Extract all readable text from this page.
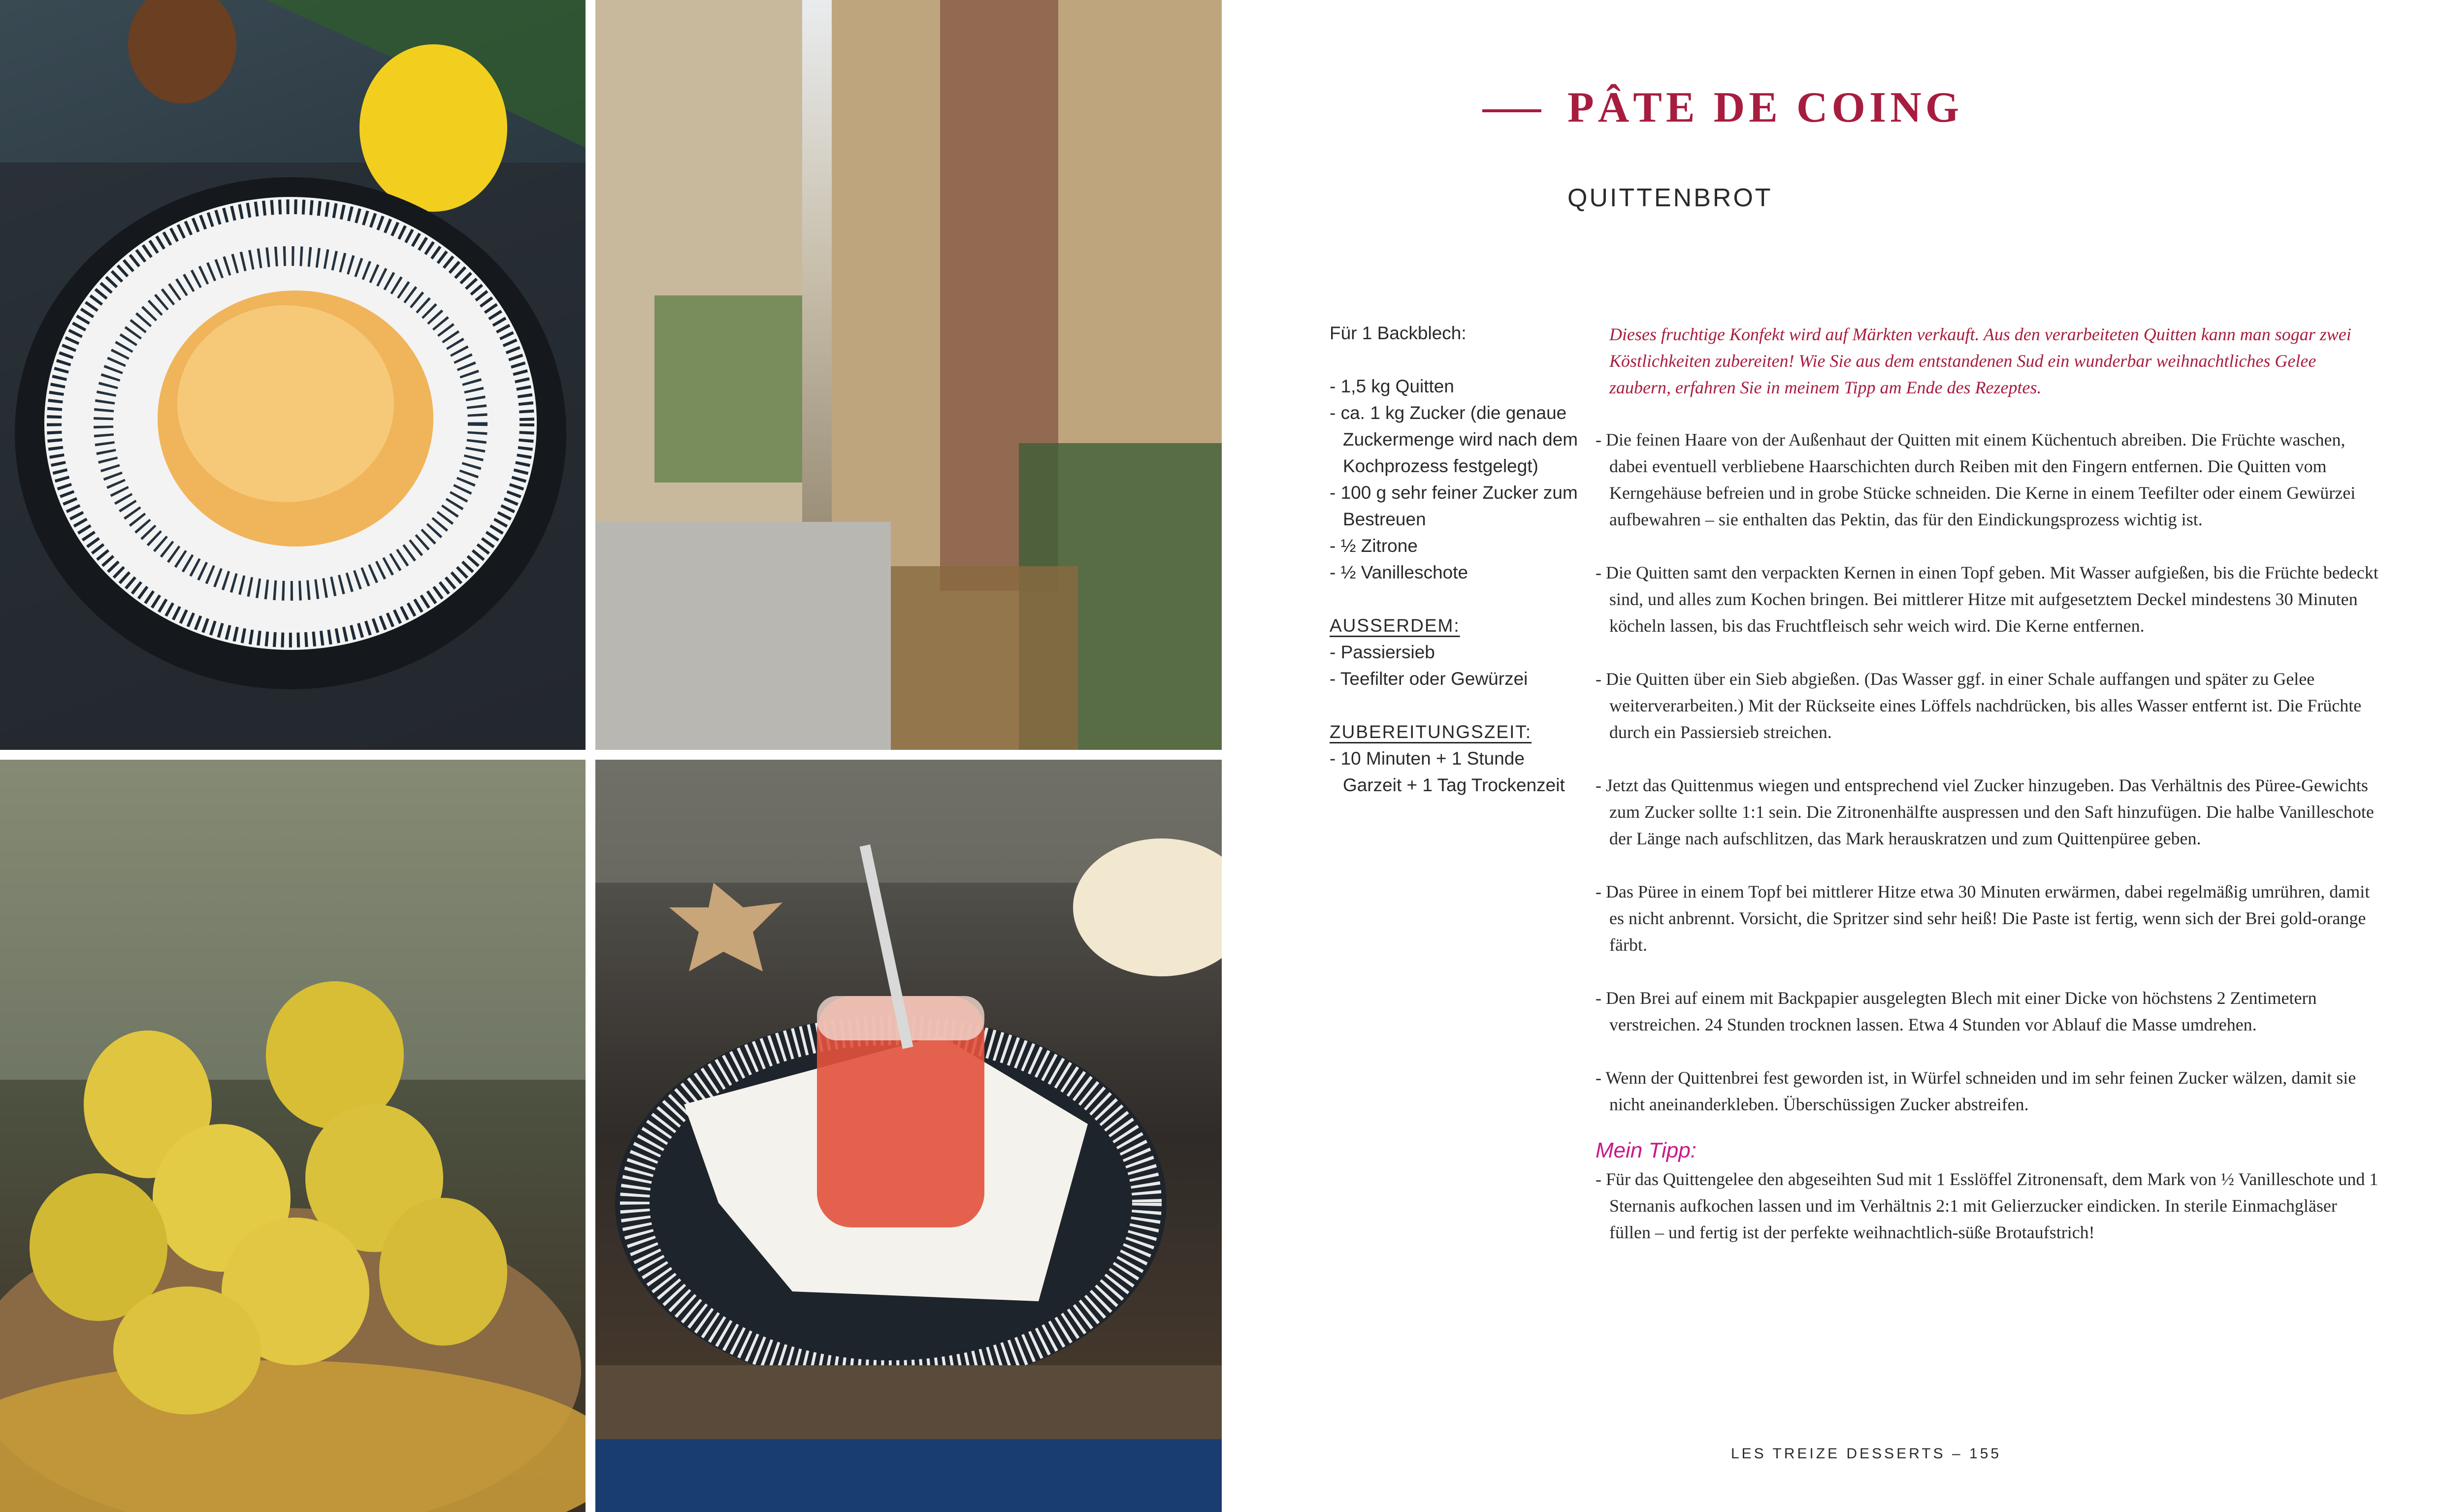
PÂTE DE COING
QUITTENBROT

Für 1 Backblech:

- 1,5 kg Quitten

- ca. 1 kg Zucker (die genaue Zuckermenge wird nach dem Kochprozess festgelegt)

- 100 g sehr feiner Zucker zum Bestreuen

- ½ Zitrone

- ½ Vanilleschote

AUSSERDEM:

- Passiersieb

- Teefilter oder Gewürzei

ZUBEREITUNGSZEIT:

- 10 Minuten + 1 Stunde Garzeit + 1 Tag Trockenzeit

Dieses fruchtige Konfekt wird auf Märkten verkauft. Aus den verarbeiteten Quitten kann man sogar zwei Köstlichkeiten zubereiten! Wie Sie aus dem entstandenen Sud ein wunderbar weihnachtliches Gelee zaubern, erfahren Sie in meinem Tipp am Ende des Rezeptes.

- Die feinen Haare von der Außenhaut der Quitten mit einem Küchentuch abreiben. Die Früchte waschen, dabei eventuell verbliebene Haarschichten durch Reiben mit den Fingern entfernen. Die Quitten vom Kerngehäuse befreien und in grobe Stücke schneiden. Die Kerne in einem Teefilter oder einem Gewürzei aufbewahren – sie enthalten das Pektin, das für den Eindickungsprozess wichtig ist.

- Die Quitten samt den verpackten Kernen in einen Topf geben. Mit Wasser aufgießen, bis die Früchte bedeckt sind, und alles zum Kochen bringen. Bei mittlerer Hitze mit aufgesetztem Deckel mindestens 30 Minuten köcheln lassen, bis das Fruchtfleisch sehr weich wird. Die Kerne entfernen.

- Die Quitten über ein Sieb abgießen. (Das Wasser ggf. in einer Schale auffangen und später zu Gelee weiterverarbeiten.) Mit der Rückseite eines Löffels nachdrücken, bis alles Wasser entfernt ist. Die Früchte durch ein Passiersieb streichen.

- Jetzt das Quittenmus wiegen und entsprechend viel Zucker hinzugeben. Das Verhältnis des Püree-Gewichts zum Zucker sollte 1:1 sein. Die Zitronenhälfte auspressen und den Saft hinzufügen. Die halbe Vanilleschote der Länge nach aufschlitzen, das Mark herauskratzen und zum Quittenpüree geben.

- Das Püree in einem Topf bei mittlerer Hitze etwa 30 Minuten erwärmen, dabei regelmäßig umrühren, damit es nicht anbrennt. Vorsicht, die Spritzer sind sehr heiß! Die Paste ist fertig, wenn sich der Brei gold-orange färbt.

- Den Brei auf einem mit Backpapier ausgelegten Blech mit einer Dicke von höchstens 2 Zentimetern verstreichen. 24 Stunden trocknen lassen. Etwa 4 Stunden vor Ablauf die Masse umdrehen.

- Wenn der Quittenbrei fest geworden ist, in Würfel schneiden und im sehr feinen Zucker wälzen, damit sie nicht aneinanderkleben. Überschüssigen Zucker abstreifen.

Mein Tipp:

- Für das Quittengelee den abgeseihten Sud mit 1 Esslöffel Zitronensaft, dem Mark von ½ Vanilleschote und 1 Sternanis aufkochen lassen und im Verhältnis 2:1 mit Gelierzucker eindicken. In sterile Einmachgläser füllen – und fertig ist der perfekte weihnachtlich-süße Brotaufstrich!

LES TREIZE DESSERTS – 155
